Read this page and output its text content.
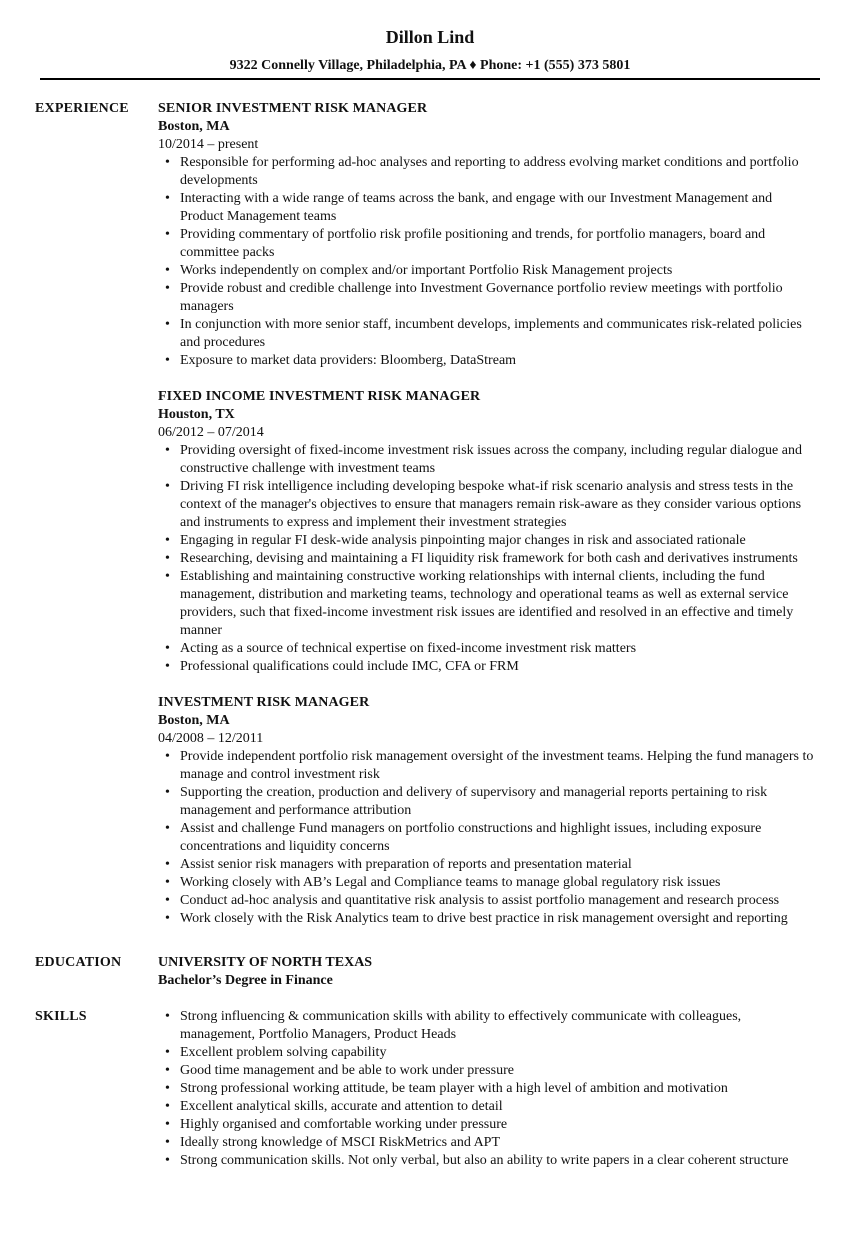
Dillon Lind
9322 Connelly Village, Philadelphia, PA ♦ Phone: +1 (555) 373 5801
EXPERIENCE SENIOR INVESTMENT RISK MANAGER
Boston, MA
10/2014 – present
• Responsible for performing ad-hoc analyses and reporting to address evolving market conditions and portfolio developments
• Interacting with a wide range of teams across the bank, and engage with our Investment Management and Product Management teams
• Providing commentary of portfolio risk profile positioning and trends, for portfolio managers, board and committee packs
• Works independently on complex and/or important Portfolio Risk Management projects
• Provide robust and credible challenge into Investment Governance portfolio review meetings with portfolio managers
• In conjunction with more senior staff, incumbent develops, implements and communicates risk-related policies and procedures
• Exposure to market data providers: Bloomberg, DataStream
FIXED INCOME INVESTMENT RISK MANAGER
Houston, TX
06/2012 – 07/2014
• Providing oversight of fixed-income investment risk issues across the company, including regular dialogue and constructive challenge with investment teams
• Driving FI risk intelligence including developing bespoke what-if risk scenario analysis and stress tests in the context of the manager's objectives to ensure that managers remain risk-aware as they consider various options and instruments to express and implement their investment strategies
• Engaging in regular FI desk-wide analysis pinpointing major changes in risk and associated rationale
• Researching, devising and maintaining a FI liquidity risk framework for both cash and derivatives instruments
• Establishing and maintaining constructive working relationships with internal clients, including the fund management, distribution and marketing teams, technology and operational teams as well as external service providers, such that fixed-income investment risk issues are identified and resolved in an effective and timely manner
• Acting as a source of technical expertise on fixed-income investment risk matters
• Professional qualifications could include IMC, CFA or FRM
INVESTMENT RISK MANAGER
Boston, MA
04/2008 – 12/2011
• Provide independent portfolio risk management oversight of the investment teams. Helping the fund managers to manage and control investment risk
• Supporting the creation, production and delivery of supervisory and managerial reports pertaining to risk management and performance attribution
• Assist and challenge Fund managers on portfolio constructions and highlight issues, including exposure concentrations and liquidity concerns
• Assist senior risk managers with preparation of reports and presentation material
• Working closely with AB’s Legal and Compliance teams to manage global regulatory risk issues
• Conduct ad-hoc analysis and quantitative risk analysis to assist portfolio management and research process
• Work closely with the Risk Analytics team to drive best practice in risk management oversight and reporting
EDUCATION	UNIVERSITY OF NORTH TEXAS
Bachelor’s Degree in Finance
SKILLS
•	Strong influencing & communication skills with ability to effectively communicate with colleagues, management, Portfolio Managers, Product Heads
• Excellent problem solving capability
• Good time management and be able to work under pressure
• Strong professional working attitude, be team player with a high level of ambition and motivation
• Excellent analytical skills, accurate and attention to detail
• Highly organised and comfortable working under pressure
• Ideally strong knowledge of MSCI RiskMetrics and APT
• Strong communication skills. Not only verbal, but also an ability to write papers in a clear coherent structure
